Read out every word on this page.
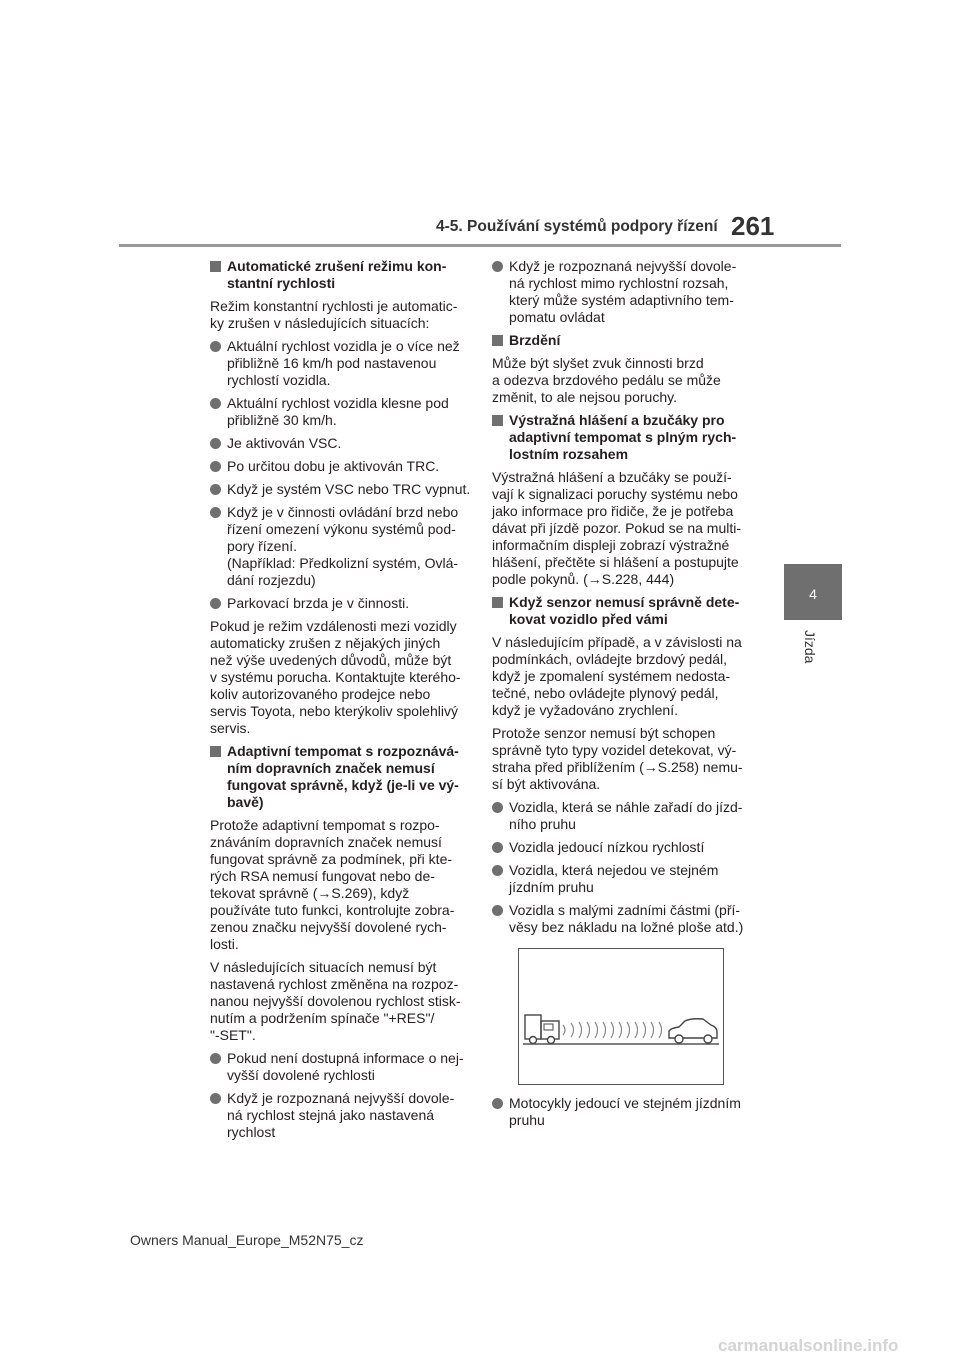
4-5. Používání systémů podpory řízení 261
4
Jízda
Automatické zrušení režimu kon-
stantní rychlosti

Režim konstantní rychlosti je automatic-
ky zrušen v následujících situacích:

Aktuální rychlost vozidla je o více než
přibližně 16 km/h pod nastavenou
rychlostí vozidla.
Aktuální rychlost vozidla klesne pod
přibližně 30 km/h.
Je aktivován VSC.
Po určitou dobu je aktivován TRC.
Když je systém VSC nebo TRC vypnut.
Když je v činnosti ovládání brzd nebo
řízení omezení výkonu systémů pod-
pory řízení.
(Například: Předkolizní systém, Ovlá-
dání rozjezdu)
Parkovací brzda je v činnosti.

Pokud je režim vzdálenosti mezi vozidly
automaticky zrušen z nějakých jiných
než výše uvedených důvodů, může být
v systému porucha. Kontaktujte kterého-
koliv autorizovaného prodejce nebo
servis Toyota, nebo kterýkoliv spolehlivý
servis.

Adaptivní tempomat s rozpoznává-
ním dopravních značek nemusí
fungovat správně, když (je-li ve vý-
bavě)

Protože adaptivní tempomat s rozpo-
znáváním dopravních značek nemusí
fungovat správně za podmínek, při kte-
rých RSA nemusí fungovat nebo de-
tekovat správně (→S.269), když
používáte tuto funkci, kontrolujte zobra-
zenou značku nejvyšší dovolené rych-
losti.

V následujících situacích nemusí být
nastavená rychlost změněna na rozpoz-
nanou nejvyšší dovolenou rychlost stisk-
nutím a podržením spínače "+RES"/
"-SET".

Pokud není dostupná informace o nej-
vyšší dovolené rychlosti
Když je rozpoznaná nejvyšší dovole-
ná rychlost stejná jako nastavená
rychlost
Když je rozpoznaná nejvyšší dovole-
ná rychlost mimo rychlostní rozsah,
který může systém adaptivního tem-
pomatu ovládat
Brzdění

Může být slyšet zvuk činnosti brzd
a odezva brzdového pedálu se může
změnit, to ale nejsou poruchy.

Výstražná hlášení a bzučáky pro
adaptivní tempomat s plným rych-
lostním rozsahem

Výstražná hlášení a bzučáky se použí-
vají k signalizaci poruchy systému nebo
jako informace pro řidiče, že je potřeba
dávat při jízdě pozor. Pokud se na multi-
informačním displeji zobrazí výstražné
hlášení, přečtěte si hlášení a postupujte
podle pokynů. (→S.228, 444)

Když senzor nemusí správně dete-
kovat vozidlo před vámi

V následujícím případě, a v závislosti na
podmínkách, ovládejte brzdový pedál,
když je zpomalení systémem nedosta-
tečné, nebo ovládejte plynový pedál,
když je vyžadováno zrychlení.

Protože senzor nemusí být schopen
správně tyto typy vozidel detekovat, vý-
straha před přiblížením (→S.258) nemu-
sí být aktivována.

Vozidla, která se náhle zařadí do jízd-
ního pruhu
Vozidla jedoucí nízkou rychlostí
Vozidla, která nejedou ve stejném
jízdním pruhu
Vozidla s malými zadními částmi (pří-
věsy bez nákladu na ložné ploše atd.)
Motocykly jedoucí ve stejném jízdním
pruhu
Owners Manual_Europe_M52N75_cz
carmanualsonline.info
